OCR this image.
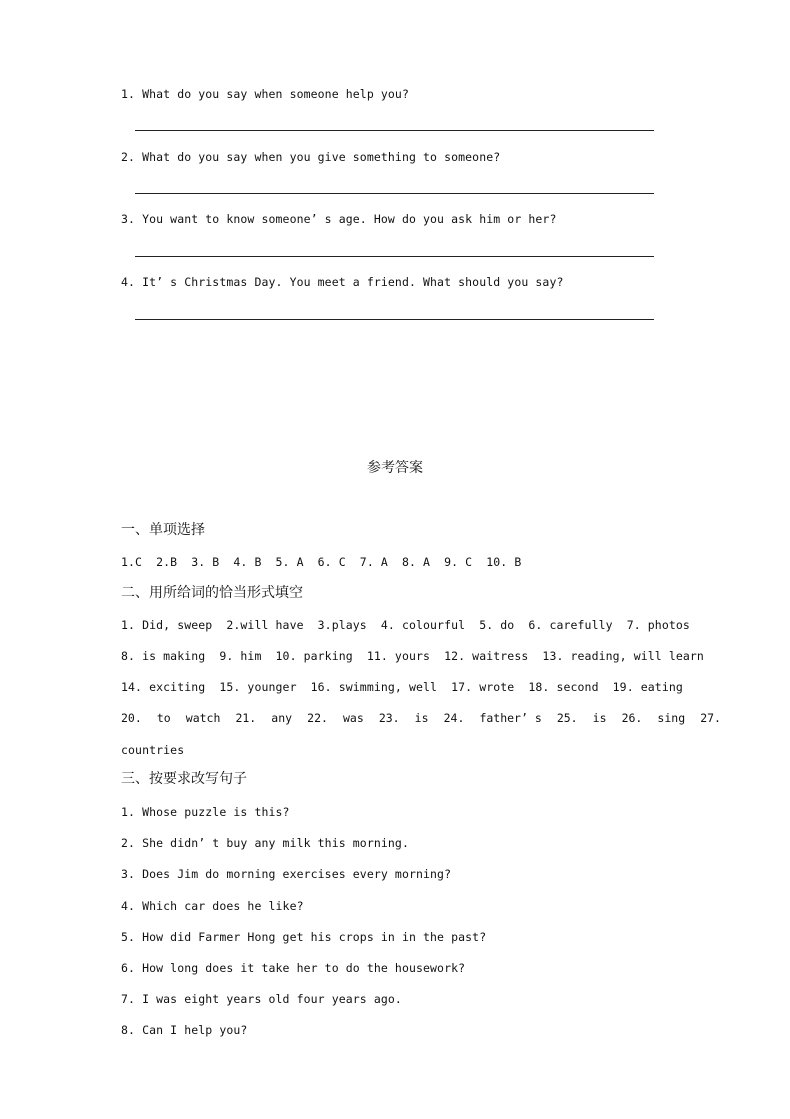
1. What do you say when someone help you?
2. What do you say when you give something to someone?
3. You want to know someone’ s age. How do you ask him or her?
4. It’ s Christmas Day. You meet a friend. What should you say?
参考答案
一、单项选择
1.C  2.B  3. B  4. B  5. A  6. C  7. A  8. A  9. C  10. B
二、用所给词的恰当形式填空
1. Did, sweep  2.will have  3.plays  4. colourful  5. do  6. carefully  7. photos
8. is making  9. him  10. parking  11. yours  12. waitress  13. reading, will learn
14. exciting  15. younger  16. swimming, well  17. wrote  18. second  19. eating
20. to watch 21. any 22. was 23. is 24. father’ s 25. is 26. sing 27.
countries
三、按要求改写句子
1. Whose puzzle is this?
2. She didn’ t buy any milk this morning.
3. Does Jim do morning exercises every morning?
4. Which car does he like?
5. How did Farmer Hong get his crops in in the past?
6. How long does it take her to do the housework?
7. I was eight years old four years ago.
8. Can I help you?
